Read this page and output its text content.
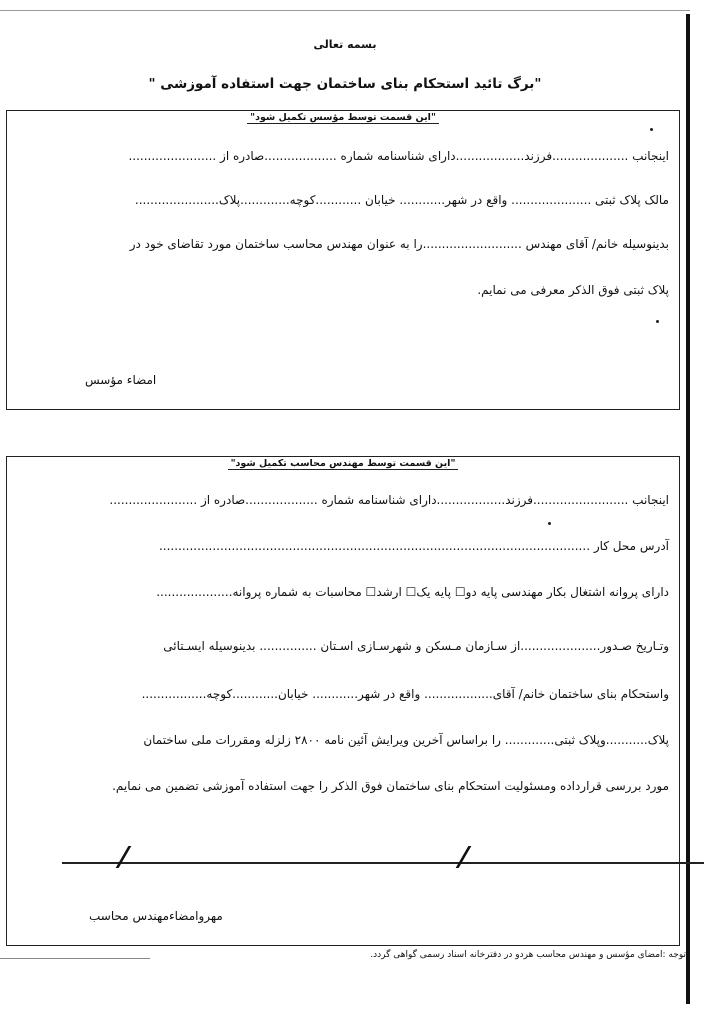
بسمه تعالی
" برگ تائید استحکام بنای ساختمان جهت استفاده آموزشی"
"این قسمت توسط مؤسس تکمیل شود"
اینجانب ....................فرزند..................دارای شناسنامه شماره ...................صادره از .......................
مالک پلاک ثبتی ..................... واقع در شهر............ خیابان ............کوچه.............پلاک......................
بدینوسیله خانم/ آقای مهندس ..........................را به عنوان مهندس محاسب ساختمان مورد تقاضای خود در
پلاک ثبتی فوق الذکر معرفی می نمایم.
امضاء مؤسس
"این قسمت توسط مهندس محاسب تکمیل شود"
اینجانب .........................فرزند..................دارای شناسنامه شماره ...................صادره از .......................
آدرس محل کار .................................................................................................................
دارای پروانه اشتغال بکار مهندسی پایه دو☐ پایه یک☐ ارشد☐ محاسبات به شماره پروانه....................
وتـاریخ صـدور.....................از سـازمان مـسکن و شهرسـازی اسـتان ............... بدینوسیله ایسـتائی
واستحکام بنای ساختمان خانم/ آقای.................. واقع در شهر............ خیابان............کوچه.................
پلاک...........وپلاک ثبتی............. را براساس آخرین ویرایش آئین نامه ۲۸۰۰ زلزله ومقررات ملی ساختمان
مورد بررسی قرارداده ومسئولیت استحکام بنای ساختمان فوق الذکر را جهت استفاده آموزشی تضمین می نمایم.
مهروامضاءمهندس محاسب
توجه :امضای مؤسس و مهندس محاسب هردو در دفترخانه اسناد رسمی گواهی گردد.
